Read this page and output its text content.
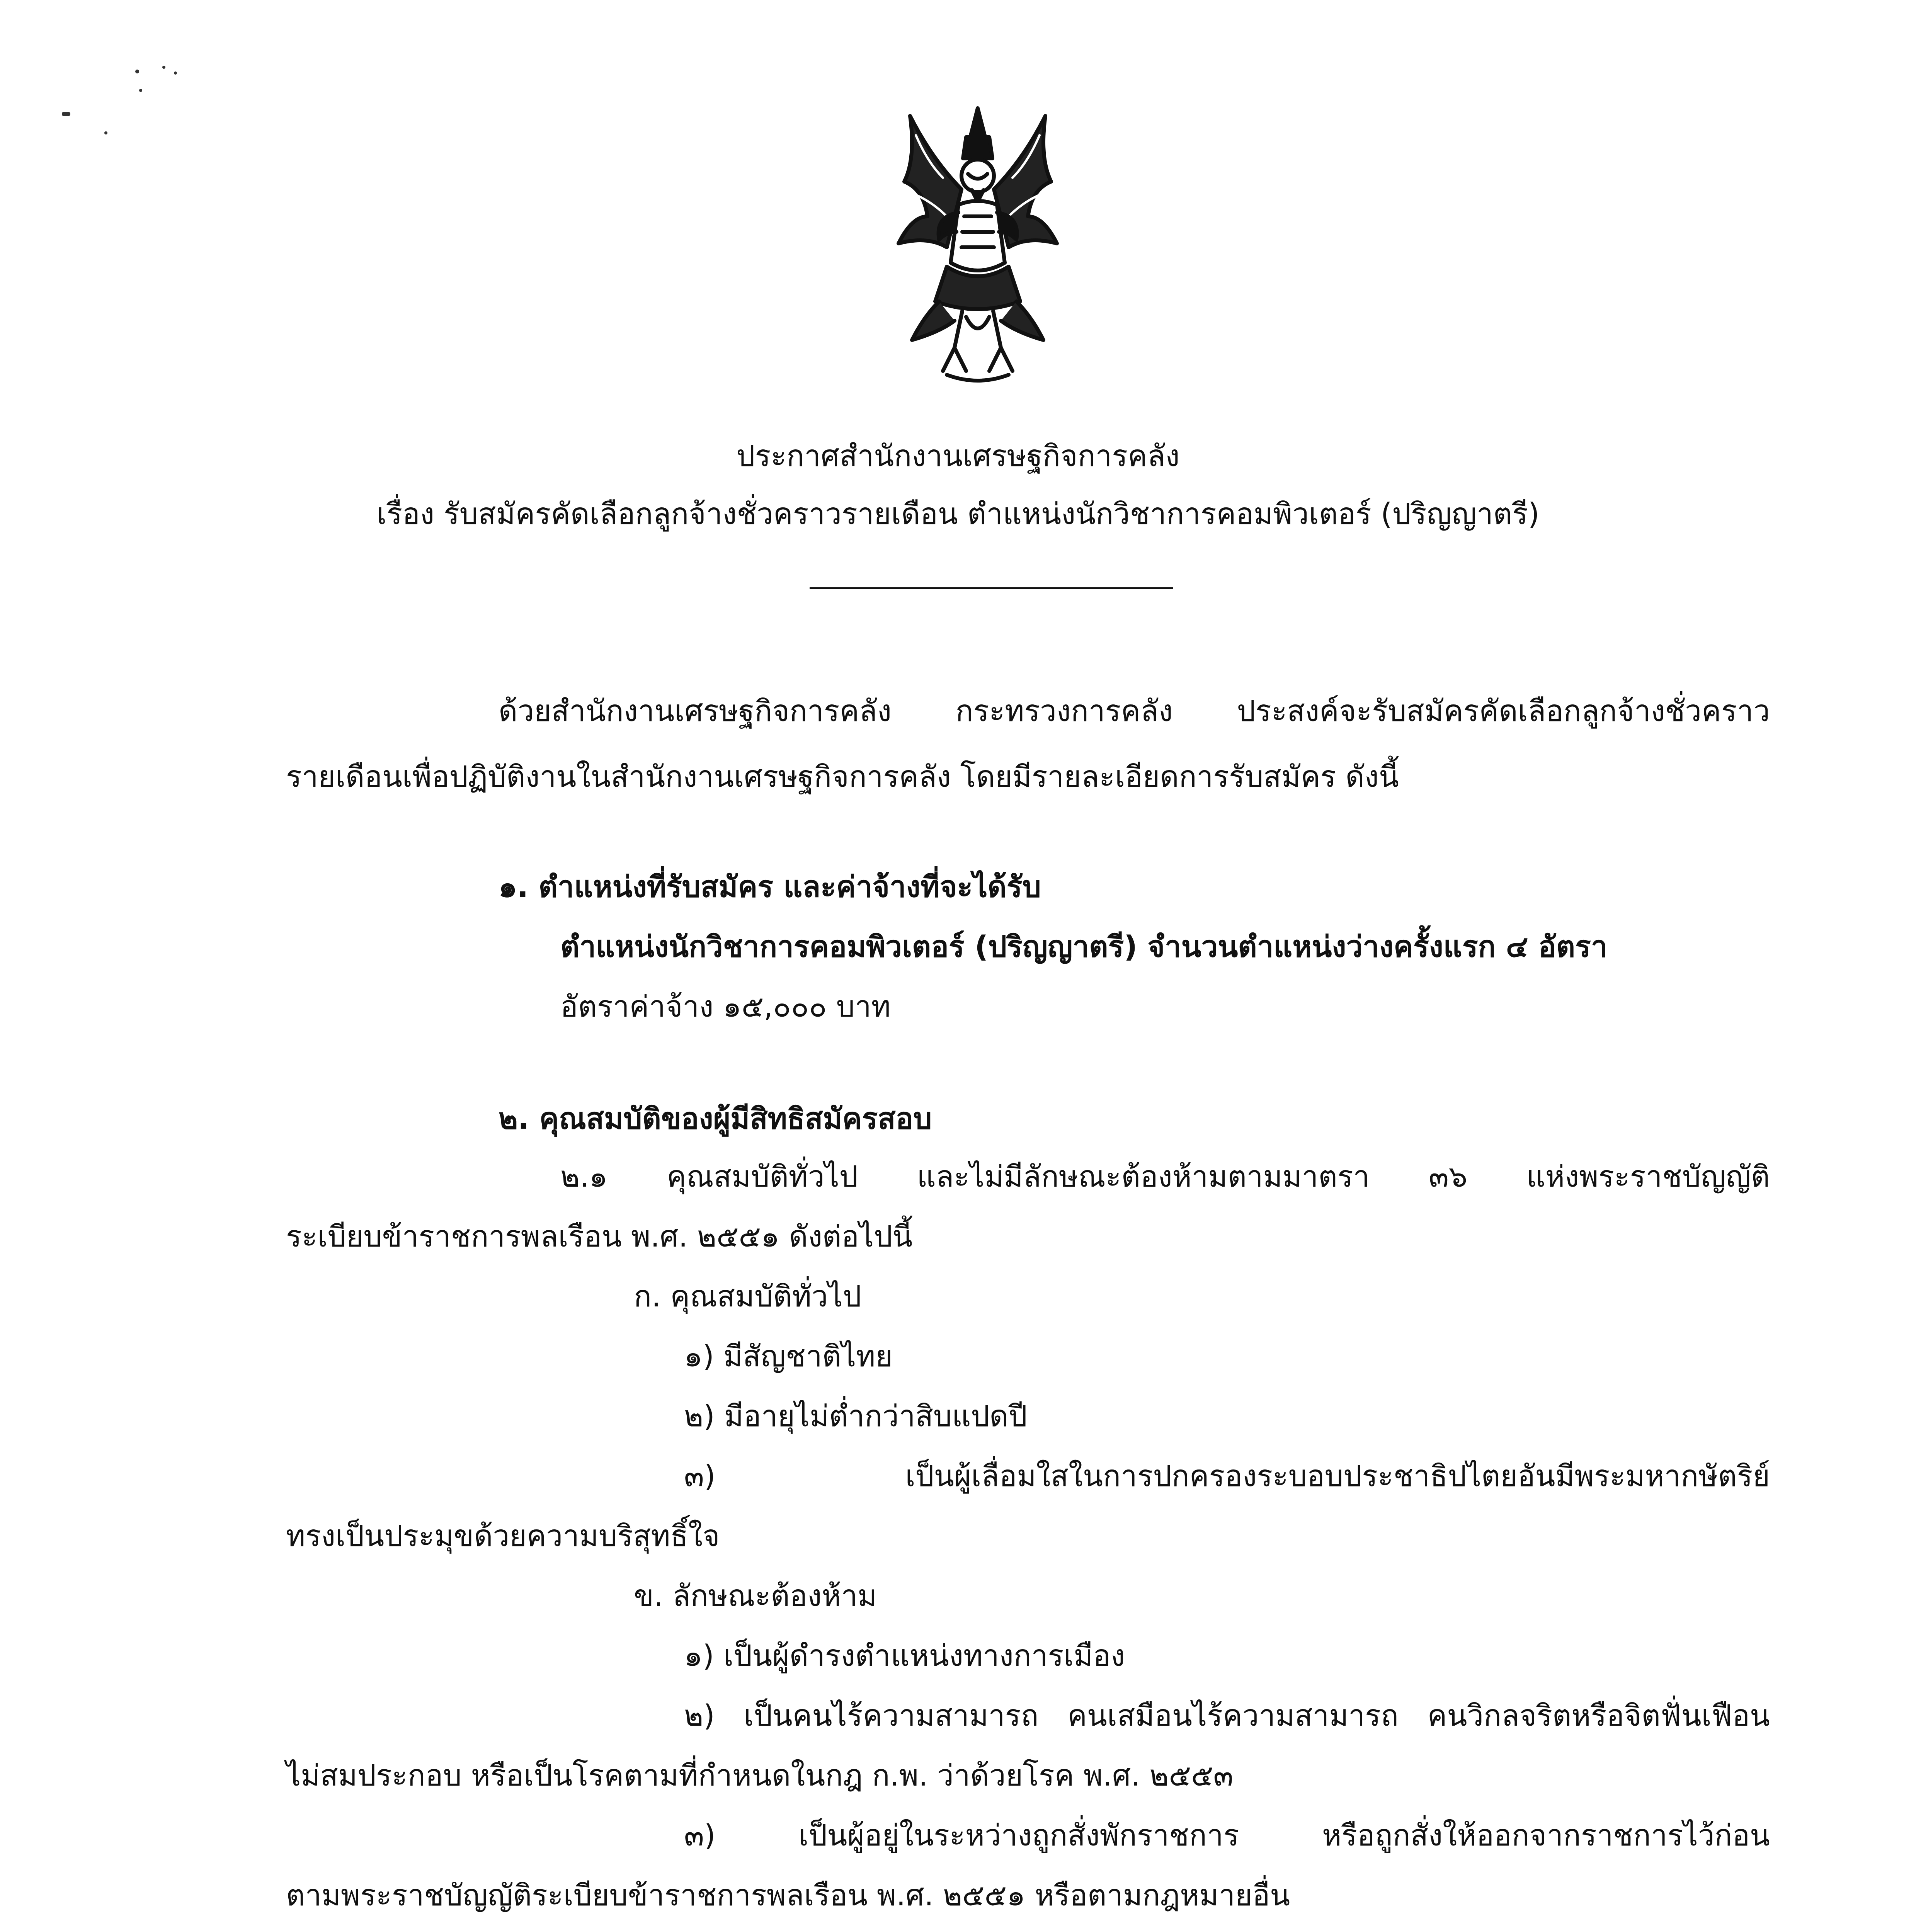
ประกาศสำนักงานเศรษฐกิจการคลัง
เรื่อง รับสมัครคัดเลือกลูกจ้างชั่วคราวรายเดือน ตำแหน่งนักวิชาการคอมพิวเตอร์ (ปริญญาตรี)
ด้วยสำนักงานเศรษฐกิจการคลัง กระทรวงการคลัง ประสงค์จะรับสมัครคัดเลือกลูกจ้างชั่วคราว
รายเดือนเพื่อปฏิบัติงานในสำนักงานเศรษฐกิจการคลัง โดยมีรายละเอียดการรับสมัคร ดังนี้
๑. ตำแหน่งที่รับสมัคร และค่าจ้างที่จะได้รับ
ตำแหน่งนักวิชาการคอมพิวเตอร์ (ปริญญาตรี) จำนวนตำแหน่งว่างครั้งแรก ๔ อัตรา
อัตราค่าจ้าง ๑๕,๐๐๐ บาท
๒. คุณสมบัติของผู้มีสิทธิสมัครสอบ
๒.๑ คุณสมบัติทั่วไป และไม่มีลักษณะต้องห้ามตามมาตรา ๓๖ แห่งพระราชบัญญัติ
ระเบียบข้าราชการพลเรือน พ.ศ. ๒๕๕๑ ดังต่อไปนี้
ก. คุณสมบัติทั่วไป
๑) มีสัญชาติไทย
๒) มีอายุไม่ต่ำกว่าสิบแปดปี
๓) เป็นผู้เลื่อมใสในการปกครองระบอบประชาธิปไตยอันมีพระมหากษัตริย์
ทรงเป็นประมุขด้วยความบริสุทธิ์ใจ
ข. ลักษณะต้องห้าม
๑) เป็นผู้ดำรงตำแหน่งทางการเมือง
๒) เป็นคนไร้ความสามารถ คนเสมือนไร้ความสามารถ คนวิกลจริตหรือจิตฟั่นเฟือน
ไม่สมประกอบ หรือเป็นโรคตามที่กำหนดในกฎ ก.พ. ว่าด้วยโรค พ.ศ. ๒๕๕๓
๓) เป็นผู้อยู่ในระหว่างถูกสั่งพักราชการ หรือถูกสั่งให้ออกจากราชการไว้ก่อน
ตามพระราชบัญญัติระเบียบข้าราชการพลเรือน พ.ศ. ๒๕๕๑ หรือตามกฎหมายอื่น
